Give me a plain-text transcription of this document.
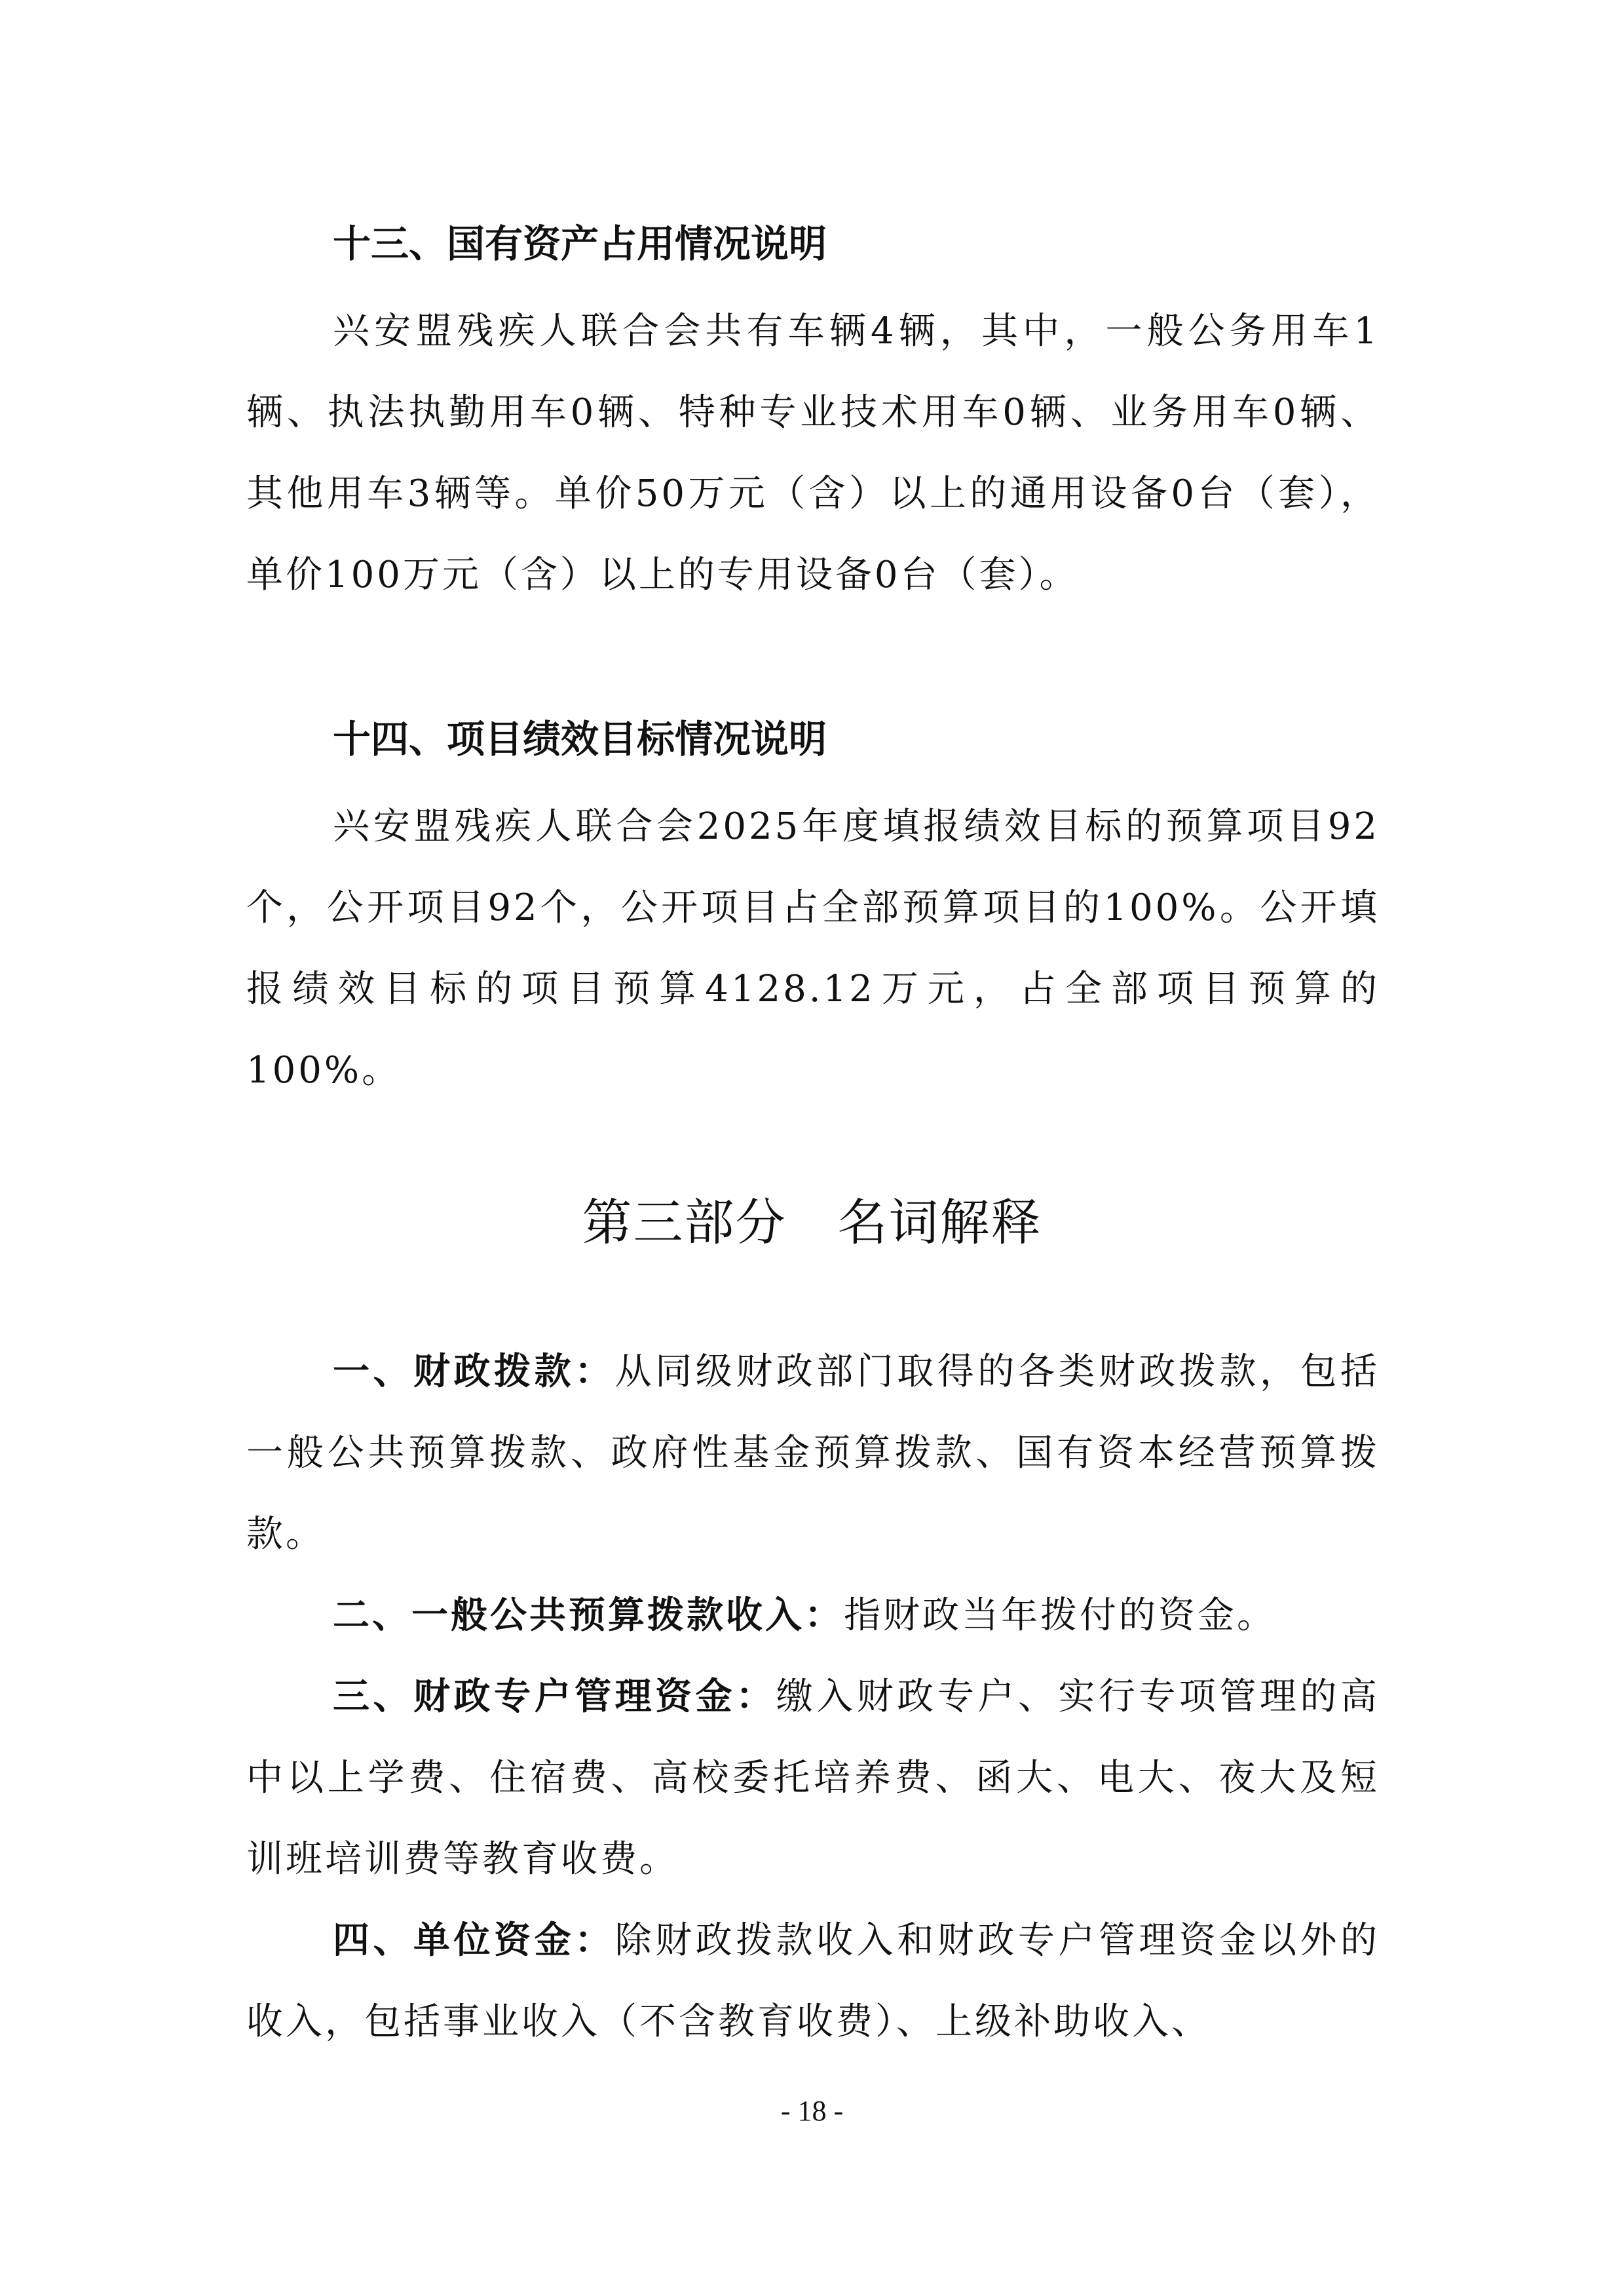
十三、国有资产占用情况说明

兴安盟残疾人联合会共有车辆4辆，其中，一般公务用车1辆、执法执勤用车0辆、特种专业技术用车0辆、业务用车0辆、其他用车3辆等。单价50万元（含）以上的通用设备0台（套），单价100万元（含）以上的专用设备0台（套）。

十四、项目绩效目标情况说明

兴安盟残疾人联合会2025年度填报绩效目标的预算项目92个，公开项目92个，公开项目占全部预算项目的100%。公开填报绩效目标的项目预算4128.12万元，占全部项目预算的100%。

第三部分　名词解释

一、财政拨款：从同级财政部门取得的各类财政拨款，包括一般公共预算拨款、政府性基金预算拨款、国有资本经营预算拨款。

二、一般公共预算拨款收入：指财政当年拨付的资金。

三、财政专户管理资金：缴入财政专户、实行专项管理的高中以上学费、住宿费、高校委托培养费、函大、电大、夜大及短训班培训费等教育收费。

四、单位资金：除财政拨款收入和财政专户管理资金以外的收入，包括事业收入（不含教育收费）、上级补助收入、

- 18 -
